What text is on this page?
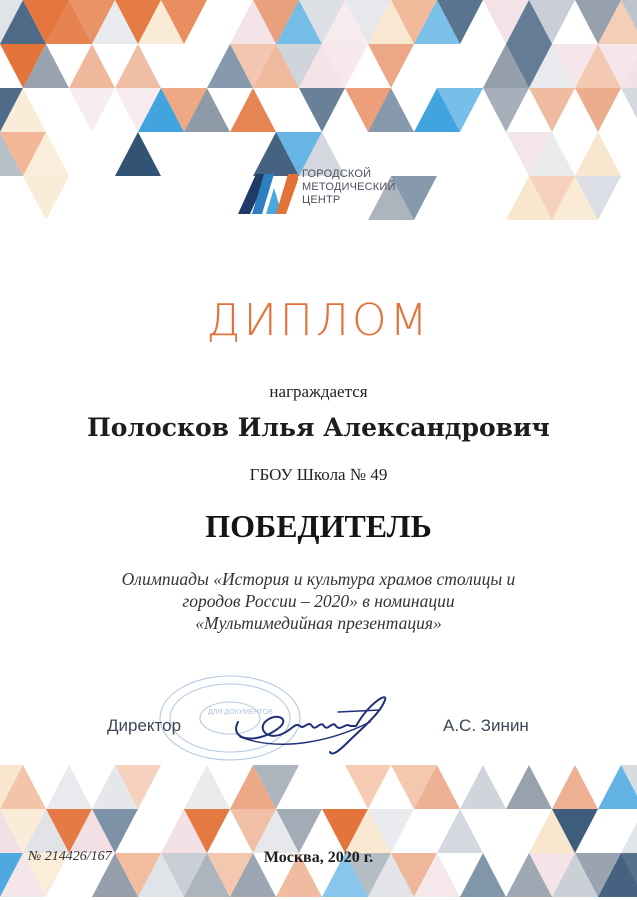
ГОРОДСКОЙ
МЕТОДИЧЕСКИЙ
ЦЕНТР
ДИПЛОМ
награждается
Полосков Илья Александрович
ГБОУ Школа № 49
ПОБЕДИТЕЛЬ
Олимпиады «История и культура храмов столицы и
городов России – 2020» в номинации
«Мультимедийная презентация»
ДЛЯ ДОКУМЕНТОВ
Директор	А.С. Зинин
№ 214426/167	Москва, 2020 г.
